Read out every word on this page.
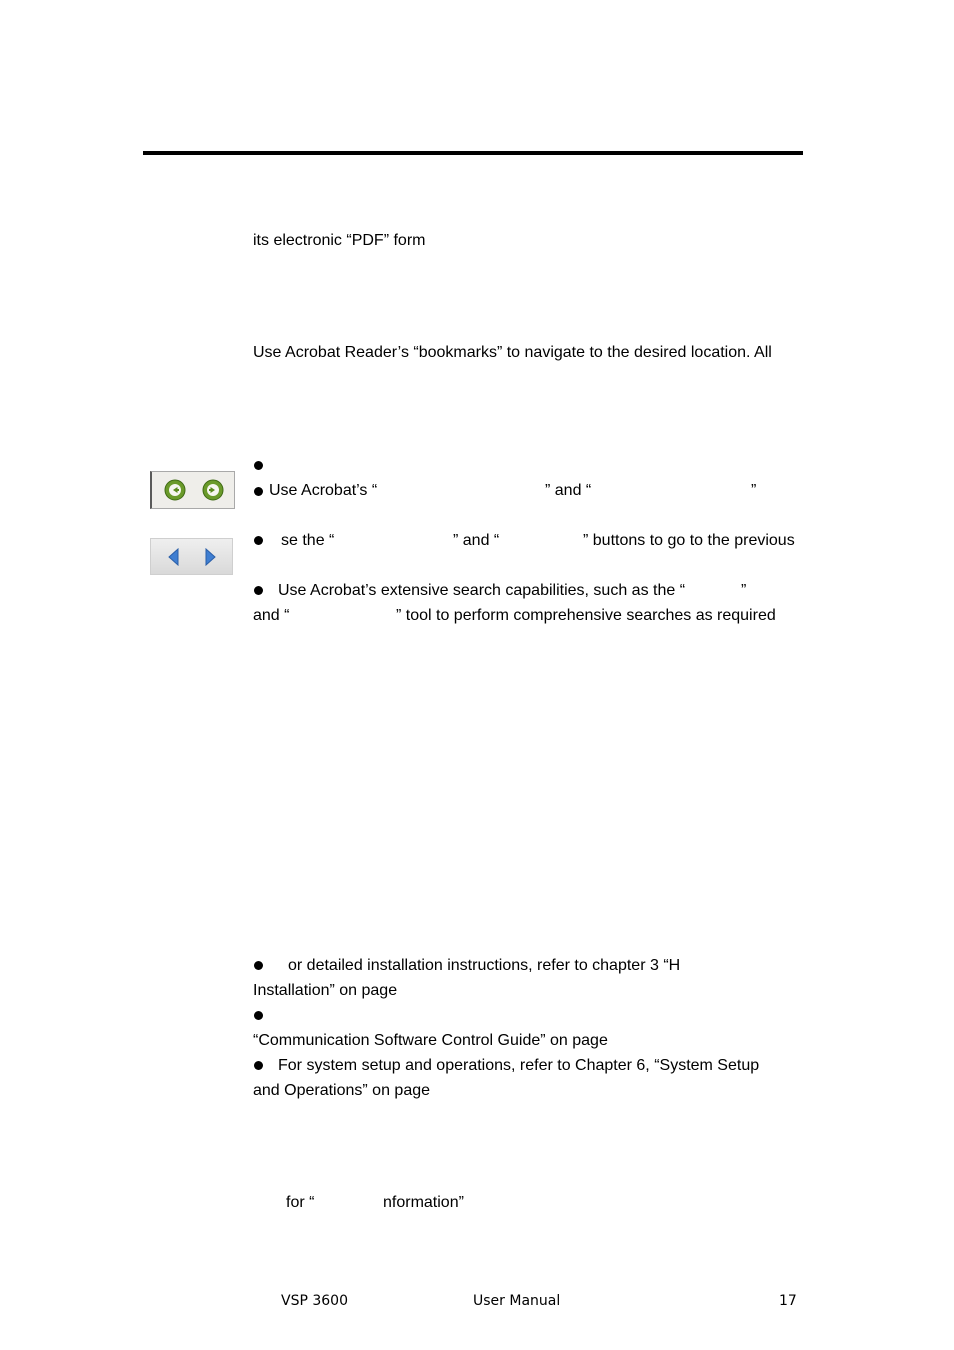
its electronic “PDF” form
Use Acrobat Reader’s “bookmarks” to navigate to the desired location. All
Use Acrobat’s “	” and “	”
se the “	” and “	” buttons to go to the previous
Use Acrobat’s extensive search capabilities, such as the “	”
and “	” tool to perform comprehensive searches as required
or detailed installation instructions, refer to chapter 3 “H
Installation” on page
“Communication Software Control Guide” on page
For system setup and operations, refer to Chapter 6, “System Setup
and Operations” on page
for “	nformation”
VSP 3600	User Manual	17
